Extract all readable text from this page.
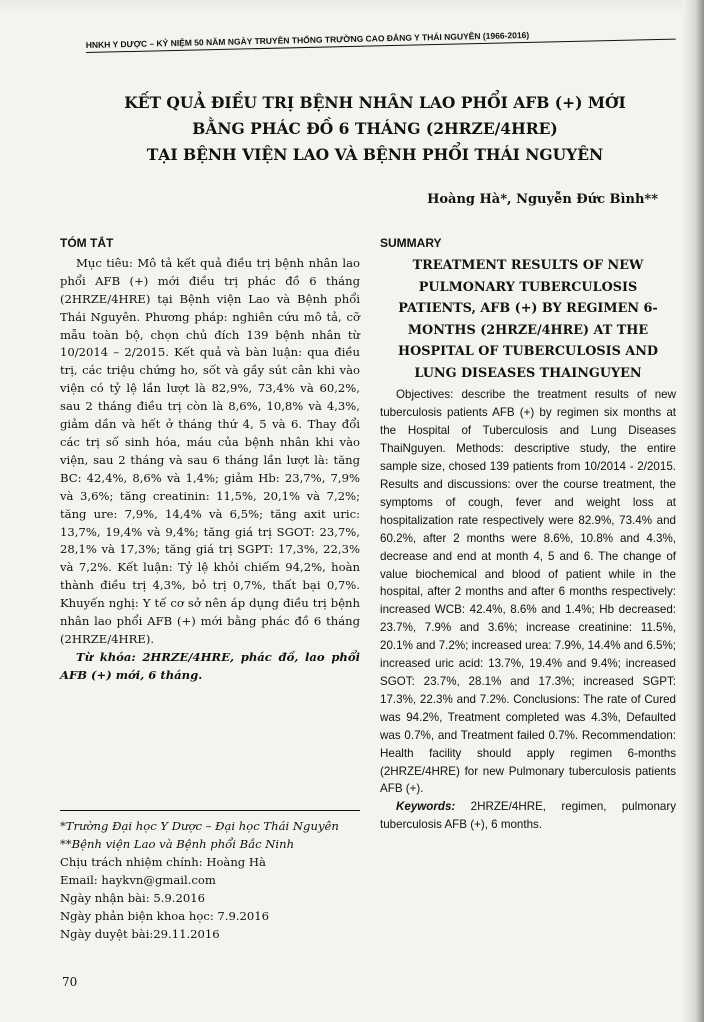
HNKH Y DƯỢC – KỶ NIỆM 50 NĂM NGÀY TRUYỀN THỐNG TRƯỜNG CAO ĐẲNG Y THÁI NGUYÊN (1966-2016)
KẾT QUẢ ĐIỀU TRỊ BỆNH NHÂN LAO PHỔI AFB (+) MỚI
BẰNG PHÁC ĐỒ 6 THÁNG (2HRZE/4HRE)
TẠI BỆNH VIỆN LAO VÀ BỆNH PHỔI THÁI NGUYÊN
Hoàng Hà*, Nguyễn Đức Bình**
TÓM TẮT

Mục tiêu: Mô tả kết quả điều trị bệnh nhân lao phổi AFB (+) mới điều trị phác đồ 6 tháng (2HRZE/4HRE) tại Bệnh viện Lao và Bệnh phổi Thái Nguyên. Phương pháp: nghiên cứu mô tả, cỡ mẫu toàn bộ, chọn chủ đích 139 bệnh nhân từ 10/2014 – 2/2015. Kết quả và bàn luận: qua điều trị, các triệu chứng ho, sốt và gầy sút cân khi vào viện có tỷ lệ lần lượt là 82,9%, 73,4% và 60,2%, sau 2 tháng điều trị còn là 8,6%, 10,8% và 4,3%, giảm dần và hết ở tháng thứ 4, 5 và 6. Thay đổi các trị số sinh hóa, máu của bệnh nhân khi vào viện, sau 2 tháng và sau 6 tháng lần lượt là: tăng BC: 42,4%, 8,6% và 1,4%; giảm Hb: 23,7%, 7,9% và 3,6%; tăng creatinin: 11,5%, 20,1% và 7,2%; tăng ure: 7,9%, 14,4% và 6,5%; tăng axit uric: 13,7%, 19,4% và 9,4%; tăng giá trị SGOT: 23,7%, 28,1% và 17,3%; tăng giá trị SGPT: 17,3%, 22,3% và 7,2%. Kết luận: Tỷ lệ khỏi chiếm 94,2%, hoàn thành điều trị 4,3%, bỏ trị 0,7%, thất bại 0,7%. Khuyến nghị: Y tế cơ sở nên áp dụng điều trị bệnh nhân lao phổi AFB (+) mới bằng phác đồ 6 tháng (2HRZE/4HRE).

Từ khóa: 2HRZE/4HRE, phác đồ, lao phổi AFB (+) mới, 6 tháng.

*Trường Đại học Y Dược – Đại học Thái Nguyên
**Bệnh viện Lao và Bệnh phổi Bắc Ninh
Chịu trách nhiệm chính: Hoàng Hà
Email: haykvn@gmail.com
Ngày nhận bài: 5.9.2016
Ngày phản biện khoa học: 7.9.2016
Ngày duyệt bài:29.11.2016
SUMMARY
TREATMENT RESULTS OF NEW PULMONARY TUBERCULOSIS PATIENTS, AFB (+) BY REGIMEN 6-MONTHS (2HRZE/4HRE) AT THE HOSPITAL OF TUBERCULOSIS AND LUNG DISEASES THAINGUYEN

Objectives: describe the treatment results of new tuberculosis patients AFB (+) by regimen six months at the Hospital of Tuberculosis and Lung Diseases ThaiNguyen. Methods: descriptive study, the entire sample size, chosed 139 patients from 10/2014 - 2/2015. Results and discussions: over the course treatment, the symptoms of cough, fever and weight loss at hospitalization rate respectively were 82.9%, 73.4% and 60.2%, after 2 months were 8.6%, 10.8% and 4.3%, decrease and end at month 4, 5 and 6. The change of value biochemical and blood of patient while in the hospital, after 2 months and after 6 months respectively: increased WCB: 42.4%, 8.6% and 1.4%; Hb decreased: 23.7%, 7.9% and 3.6%; increase creatinine: 11.5%, 20.1% and 7.2%; increased urea: 7.9%, 14.4% and 6.5%; increased uric acid: 13.7%, 19.4% and 9.4%; increased SGOT: 23.7%, 28.1% and 17.3%; increased SGPT: 17.3%, 22.3% and 7.2%. Conclusions: The rate of Cured was 94.2%, Treatment completed was 4.3%, Defaulted was 0.7%, and Treatment failed 0.7%. Recommendation: Health facility should apply regimen 6-months (2HRZE/4HRE) for new Pulmonary tuberculosis patients AFB (+).

Keywords: 2HRZE/4HRE, regimen, pulmonary tuberculosis AFB (+), 6 months.

70
